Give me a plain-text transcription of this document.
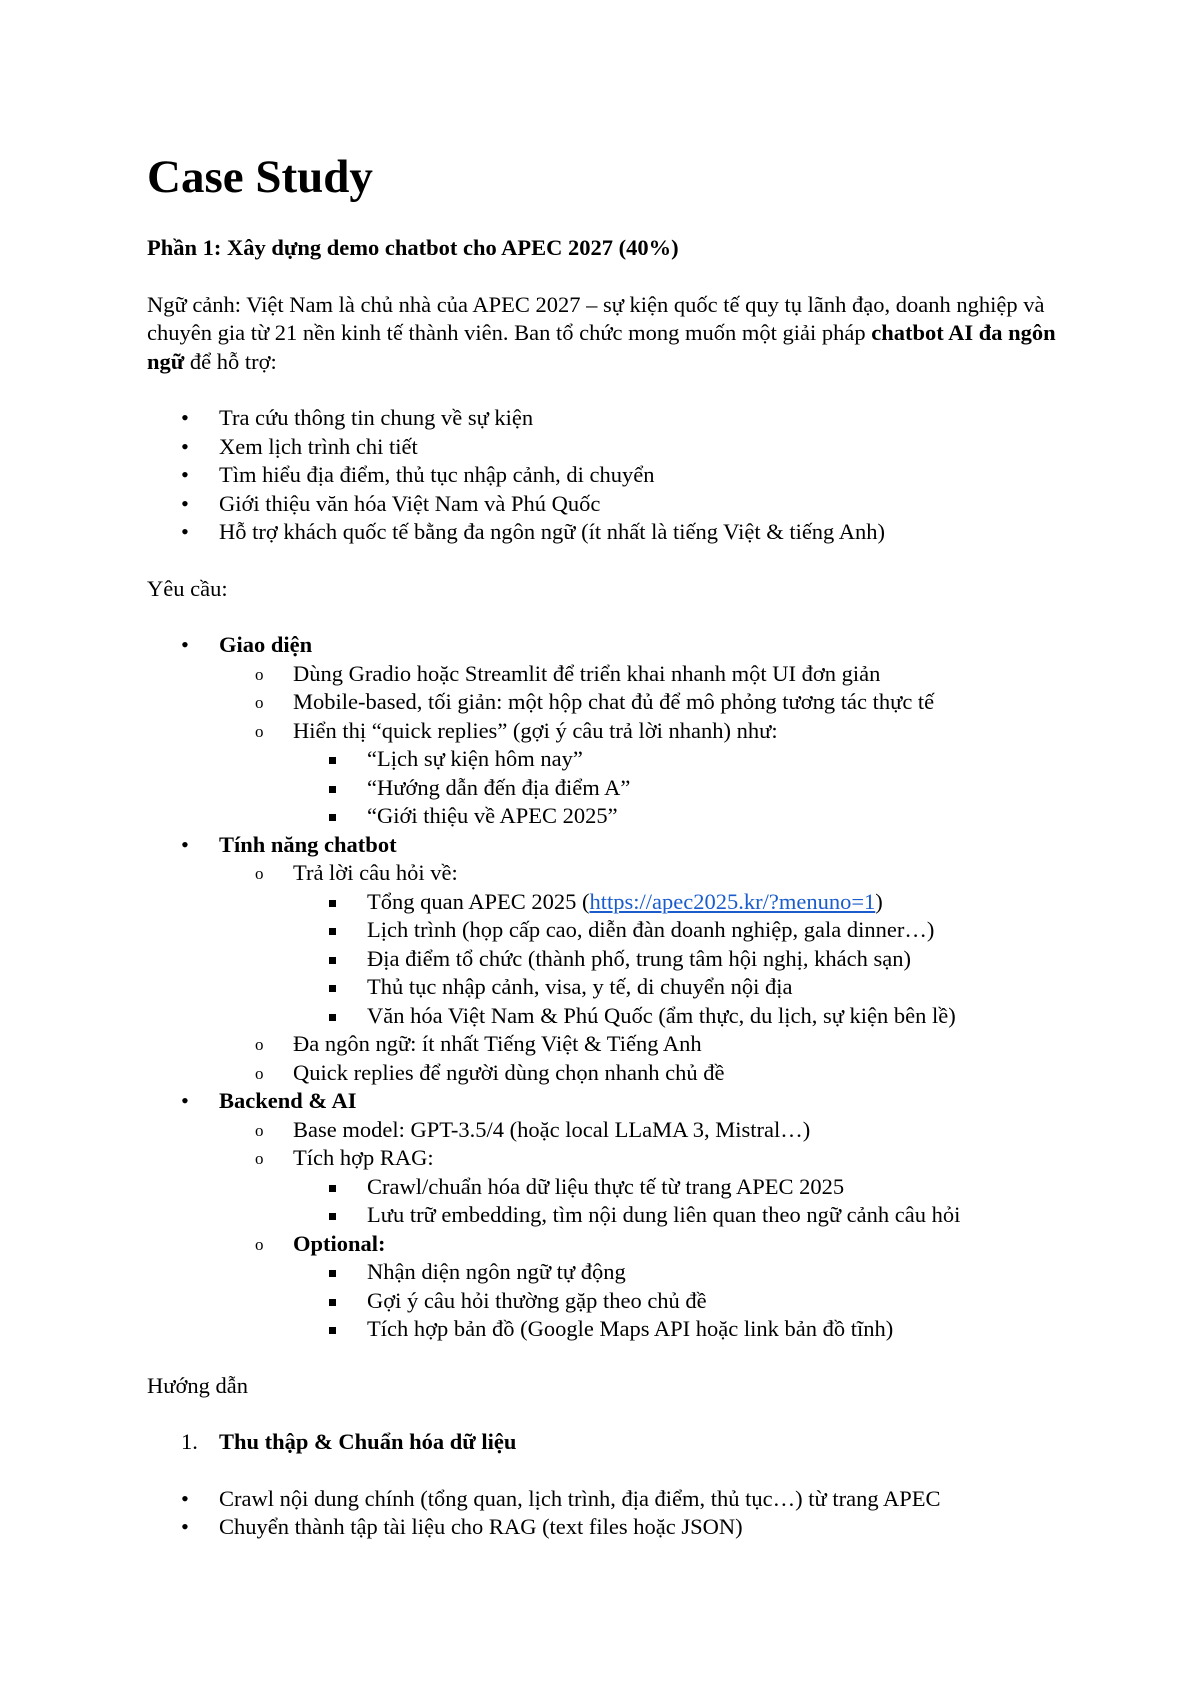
Case Study
Phần 1: Xây dựng demo chatbot cho APEC 2027 (40%)

Ngữ cảnh: Việt Nam là chủ nhà của APEC 2027 – sự kiện quốc tế quy tụ lãnh đạo, doanh nghiệp và chuyên gia từ 21 nền kinh tế thành viên. Ban tổ chức mong muốn một giải pháp chatbot AI đa ngôn ngữ để hỗ trợ:

• Tra cứu thông tin chung về sự kiện
• Xem lịch trình chi tiết
• Tìm hiểu địa điểm, thủ tục nhập cảnh, di chuyển
• Giới thiệu văn hóa Việt Nam và Phú Quốc
• Hỗ trợ khách quốc tế bằng đa ngôn ngữ (ít nhất là tiếng Việt & tiếng Anh)

Yêu cầu:

• Giao diện
o Dùng Gradio hoặc Streamlit để triển khai nhanh một UI đơn giản
o Mobile-based, tối giản: một hộp chat đủ để mô phỏng tương tác thực tế
o Hiển thị “quick replies” (gợi ý câu trả lời nhanh) như:
“Lịch sự kiện hôm nay”
“Hướng dẫn đến địa điểm A”
“Giới thiệu về APEC 2025”
• Tính năng chatbot
o Trả lời câu hỏi về:
Tổng quan APEC 2025 (https://apec2025.kr/?menuno=1)
Lịch trình (họp cấp cao, diễn đàn doanh nghiệp, gala dinner…)
Địa điểm tổ chức (thành phố, trung tâm hội nghị, khách sạn)
Thủ tục nhập cảnh, visa, y tế, di chuyển nội địa
Văn hóa Việt Nam & Phú Quốc (ẩm thực, du lịch, sự kiện bên lề)
o Đa ngôn ngữ: ít nhất Tiếng Việt & Tiếng Anh
o Quick replies để người dùng chọn nhanh chủ đề
• Backend & AI
o Base model: GPT-3.5/4 (hoặc local LLaMA 3, Mistral…)
o Tích hợp RAG:
Crawl/chuẩn hóa dữ liệu thực tế từ trang APEC 2025
Lưu trữ embedding, tìm nội dung liên quan theo ngữ cảnh câu hỏi
o Optional:
Nhận diện ngôn ngữ tự động
Gợi ý câu hỏi thường gặp theo chủ đề
Tích hợp bản đồ (Google Maps API hoặc link bản đồ tĩnh)

Hướng dẫn

1. Thu thập & Chuẩn hóa dữ liệu
• Crawl nội dung chính (tổng quan, lịch trình, địa điểm, thủ tục…) từ trang APEC
• Chuyển thành tập tài liệu cho RAG (text files hoặc JSON)
